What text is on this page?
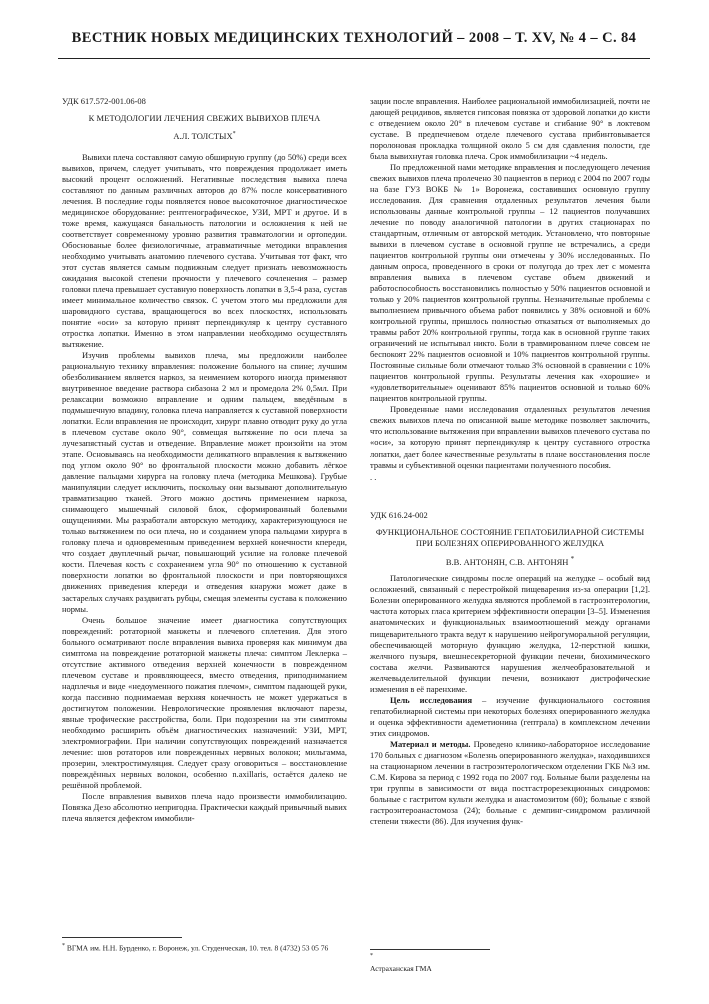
ВЕСТНИК НОВЫХ МЕДИЦИНСКИХ ТЕХНОЛОГИЙ – 2008 – Т. XV, № 4 – С. 84
УДК 617.572-001.06-08
К МЕТОДОЛОГИИ ЛЕЧЕНИЯ СВЕЖИХ ВЫВИХОВ ПЛЕЧА
А.Л. ТОЛСТЫХ*

Вывихи плеча составляют самую обширную группу (до 50%) среди всех вывихов, причем, следует учитывать, что повреждения продолжает иметь высокий процент осложнений. Негативные последствия вывиха плеча составляют по данным различных авторов до 87% после консервативного лечения. В последние годы появляется новое высокоточное диагностическое медицинское оборудование: рентгенографическое, УЗИ, МРТ и другое. И в тоже время, кажущаяся банальность патологии и осложнения к ней не соответствует современному уровню развития травматологии и ортопедии. Обоснованые более физиологичные, атравматичные методики вправления необходимо учитывать анатомию плечевого сустава. Учитывая тот факт, что этот сустав является самым подвижным следует признать невозможность ожидания высокой степени прочности у плечевого сочленения – размер головки плеча превышает суставную поверхность лопатки в 3,5-4 раза, сустав имеет минимальное количество связок. С учетом этого мы предложили для шаровидного сустава, вращающегося во всех плоскостях, использовать понятие «оси» за которую принят перпендикуляр к центру суставного отростка лопатки. Именно в этом направлении необходимо осуществлять вытяжение.

Изучив проблемы вывихов плеча, мы предложили наиболее рациональную технику вправления: положение больного на спине; лучшим обезболиванием является наркоз, за неимением которого иногда применяют внутривенное введение раствора сибазона 2 мл и промедола 2% 0,5мл. При релаксации возможно вправление и одним пальцем, введённым в подмышечную впадину, головка плеча направляется к суставной поверхности лопатки. Если вправления не происходит, хирург плавно отводит руку до угла в плечевом суставе около 90°, совмещая вытяжение по оси плеча за лучезапястный сустав и отведение. Вправление может произойти на этом этапе. Основываясь на необходимости деликатного вправления к вытяжению под углом около 90° во фронтальной плоскости можно добавить лёгкое давление пальцами хирурга на головку плеча (методика Мешкова). Грубые манипуляции следует исключить, поскольку они вызывают дополнительную травматизацию тканей. Этого можно достичь применением наркоза, снимающего мышечный силовой блок, сформированный болевыми ощущениями. Мы разработали авторскую методику, характеризующуюся не только вытяжением по оси плеча, но и созданием упора пальцами хирурга в головку плеча и одновременным приведением верхней конечности кпереди, что создает двуплечный рычаг, повышающий усилие на головке плечевой кости. Плечевая кость с сохранением угла 90° по отношению к суставной поверхности лопатки во фронтальной плоскости и при повторяющихся движениях приведения кпереди и отведения кнаружи может даже в застарелых случаях раздвигать рубцы, смещая элементы сустава к положению нормы.

Очень большое значение имеет диагностика сопутствующих повреждений: ротаторной манжеты и плечевого сплетения. Для этого больного осматривают после вправления вывиха проверяя как минимум два симптома на повреждение ротаторной манжеты плеча: симптом Леклерка – отсутствие активного отведения верхней конечности в поврежденном плечевом суставе и проявляющееся, вместо отведения, приподниманием надплечья и виде «недоуменного пожатия плечом», симптом падающей руки, когда пассивно поднимаемая верхняя конечность не может удержаться в достигнутом положении. Неврологические проявления включают парезы, явные трофические расстройства, боли. При подозрении на эти симптомы необходимо расширить объём диагностических назначений: УЗИ, МРТ, электромиографии. При наличии сопутствующих повреждений назначается лечение: шов ротаторов или поврежденных нервных волокон; мильгамма, прозерин, электростимуляция. Следует сразу оговориться – восстановление повреждённых нервных волокон, особенно n.axillaris, остаётся далеко не решённой проблемой.

После вправления вывихов плеча надо произвести иммобилизацию. Повязка Дезо абсолютно непригодна. Практически каждый привычный вывих плеча является дефектом иммобили-

* ВГМА им. Н.Н. Бурденко, г. Воронеж, ул. Студенческая, 10. тел. 8 (4732) 53 05 76

зации после вправления. Наиболее рациональной иммобилизацией, почти не дающей рецидивов, является гипсовая повязка от здоровой лопатки до кисти с отведением около 20° в плечевом суставе и сгибание 90° в локтевом суставе. В предпечневом отделе плечевого сустава прибинтовывается поролоновая прокладка толщиной около 5 см для сдавления полости, где была вывихнутая головка плеча. Срок иммобилизации ~4 недель.

По предложенной нами методике вправления и последующего лечения свежих вывихов плеча пролечено 30 пациентов в период с 2004 по 2007 годы на базе ГУЗ ВОКБ № 1» Воронежа, составивших основную группу исследования. Для сравнения отдаленных результатов лечения были использованы данные контрольной группы – 12 пациентов получавших лечение по поводу аналогичной патологии в других стационарах по стандартным, отличным от авторской методик. Установлено, что повторные вывихи в плечевом суставе в основной группе не встречались, а среди пациентов контрольной группы они отмечены у 30% исследованных. По данным опроса, проведенного в сроки от полугода до трех лет с момента вправления вывиха в плечевом суставе объем движений и работоспособность восстановились полностью у 50% пациентов основной и только у 20% пациентов контрольной группы. Незначительные проблемы с выполнением привычного объема работ появились у 38% основной и 60% контрольной группы, пришлось полностью отказаться от выполняемых до травмы работ 20% контрольной группы, тогда как в основной группе таких ограничений не испытывал никто. Боли в травмированном плече совсем не беспокоят 22% пациентов основной и 10% пациентов контрольной группы. Постоянные сильные боли отмечают только 3% основной в сравнении с 10% пациентов контрольной группы. Результаты лечения как «хорошие» и «удовлетворительные» оценивают 85% пациентов основной и только 60% пациентов контрольной группы.

Проведенные нами исследования отдаленных результатов лечения свежих вывихов плеча по описанной выше методике позволяет заключить, что использование вытяжения при вправлении вывихов плечевого сустава по «оси», за которую принят перпендикуляр к центру суставного отростка лопатки, дает более качественные результаты в плане восстановления после травмы и субъективной оценки пациентами полученного пособия.

. .
УДК 616.24-002
ФУНКЦИОНАЛЬНОЕ СОСТОЯНИЕ ГЕПАТОБИЛИАРНОЙ СИСТЕМЫ ПРИ БОЛЕЗНЯХ ОПЕРИРОВАННОГО ЖЕЛУДКА
В.В. АНТОНЯН, С.В. АНТОНЯН *

Патологические синдромы после операций на желудке – особый вид осложнений, связанный с перестройкой пищеварения из-за операции [1,2]. Болезни оперированного желудка являются проблемой в гастроэнтерологии, частота которых гласа критерием эффективности операции [3–5]. Изменения анатомических и функциональных взаимоотношений между органами пищеварительного тракта ведут к нарушению нейрогуморальной регуляции, обеспечивающей моторную функцию желудка, 12-перстной кишки, желчного пузыря, внешнесекреторной функции печени, биохимического состава желчи. Развиваются нарушения желчеобразовательной и желчевыделительной функции печени, возникают дистрофические изменения в её паренхиме.

Цель исследования – изучение функционального состояния гепатобилиарной системы при некоторых болезнях оперированного желудка и оценка эффективности адеметионина (гептрала) в комплексном лечении этих синдромов.

Материал и методы. Проведено клинико-лабораторное исследование 170 больных с диагнозом «Болезнь оперированного желудка», находившихся на стационарном лечении в гастроэнтерологическом отделении ГКБ №3 им. С.М. Кирова за период с 1992 года по 2007 год. Больные были разделены на три группы в зависимости от вида постгастрорезекционных синдромов: больные с гастритом культи желудка и анастомозитом (60); больные с язвой гастроэнтероанастомоза (24); больные с демпинг-синдромом различной степени тяжести (86). Для изучения функ-

*
Астраханская ГМА
